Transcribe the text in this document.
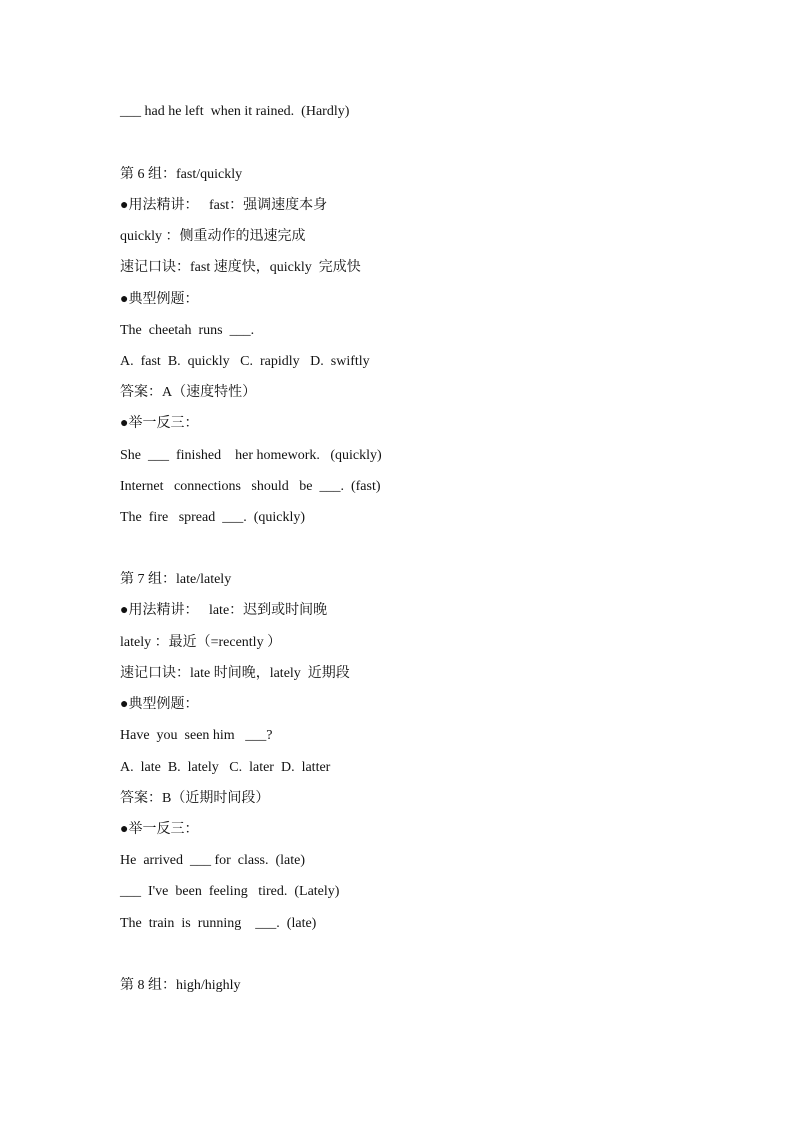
___ had he left  when it rained.  (Hardly)
第 6 组：fast/quickly
●用法精讲：   fast：强调速度本身
quickly ：侧重动作的迅速完成
速记口诀：fast 速度快，quickly  完成快
●典型例题：
The  cheetah  runs  ___.
A.  fast  B.  quickly   C.  rapidly   D.  swiftly
答案：A（速度特性）
●举一反三：
She  ___  finished    her homework.   (quickly)
Internet   connections   should   be  ___.  (fast)
The  fire   spread  ___.  (quickly)
第 7 组：late/lately
●用法精讲：   late：迟到或时间晚
lately ：最近（=recently ）
速记口诀：late 时间晚，lately  近期段
●典型例题：
Have  you  seen him   ___?
A.  late  B.  lately   C.  later  D.  latter
答案：B（近期时间段）
●举一反三：
He  arrived  ___ for  class.  (late)
___  I've  been  feeling   tired.  (Lately)
The  train  is  running    ___.  (late)
第 8 组：high/highly
